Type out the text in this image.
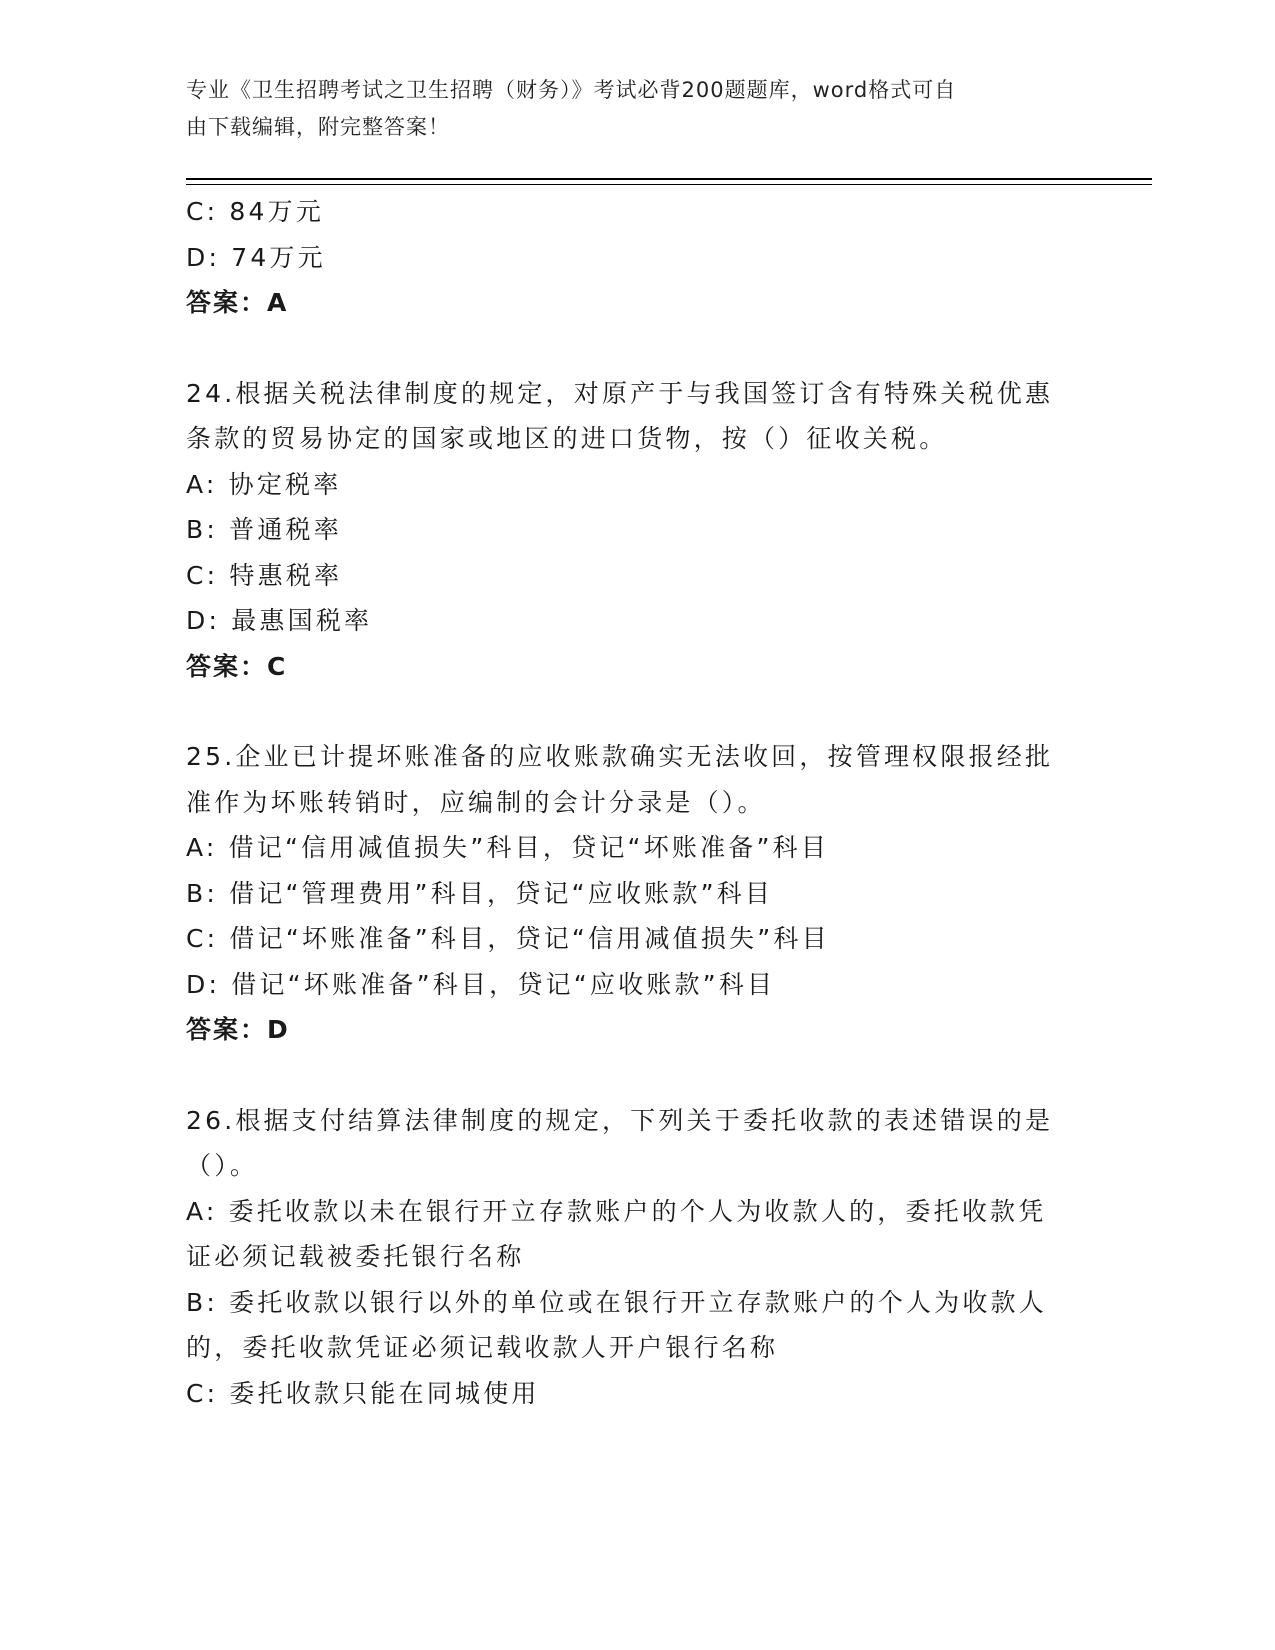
专业《卫生招聘考试之卫生招聘（财务）》考试必背200题题库，word格式可自
由下载编辑，附完整答案！
C: 84万元
D: 74万元
答案：A
24.根据关税法律制度的规定，对原产于与我国签订含有特殊关税优惠
条款的贸易协定的国家或地区的进口货物，按（）征收关税。
A: 协定税率
B: 普通税率
C: 特惠税率
D: 最惠国税率
答案：C
25.企业已计提坏账准备的应收账款确实无法收回，按管理权限报经批
准作为坏账转销时，应编制的会计分录是（）。
A: 借记“信用减值损失”科目，贷记“坏账准备”科目
B: 借记“管理费用”科目，贷记“应收账款”科目
C: 借记“坏账准备”科目，贷记“信用减值损失”科目
D: 借记“坏账准备”科目，贷记“应收账款”科目
答案：D
26.根据支付结算法律制度的规定，下列关于委托收款的表述错误的是
（）。
A: 委托收款以未在银行开立存款账户的个人为收款人的，委托收款凭
证必须记载被委托银行名称
B: 委托收款以银行以外的单位或在银行开立存款账户的个人为收款人
的，委托收款凭证必须记载收款人开户银行名称
C: 委托收款只能在同城使用
